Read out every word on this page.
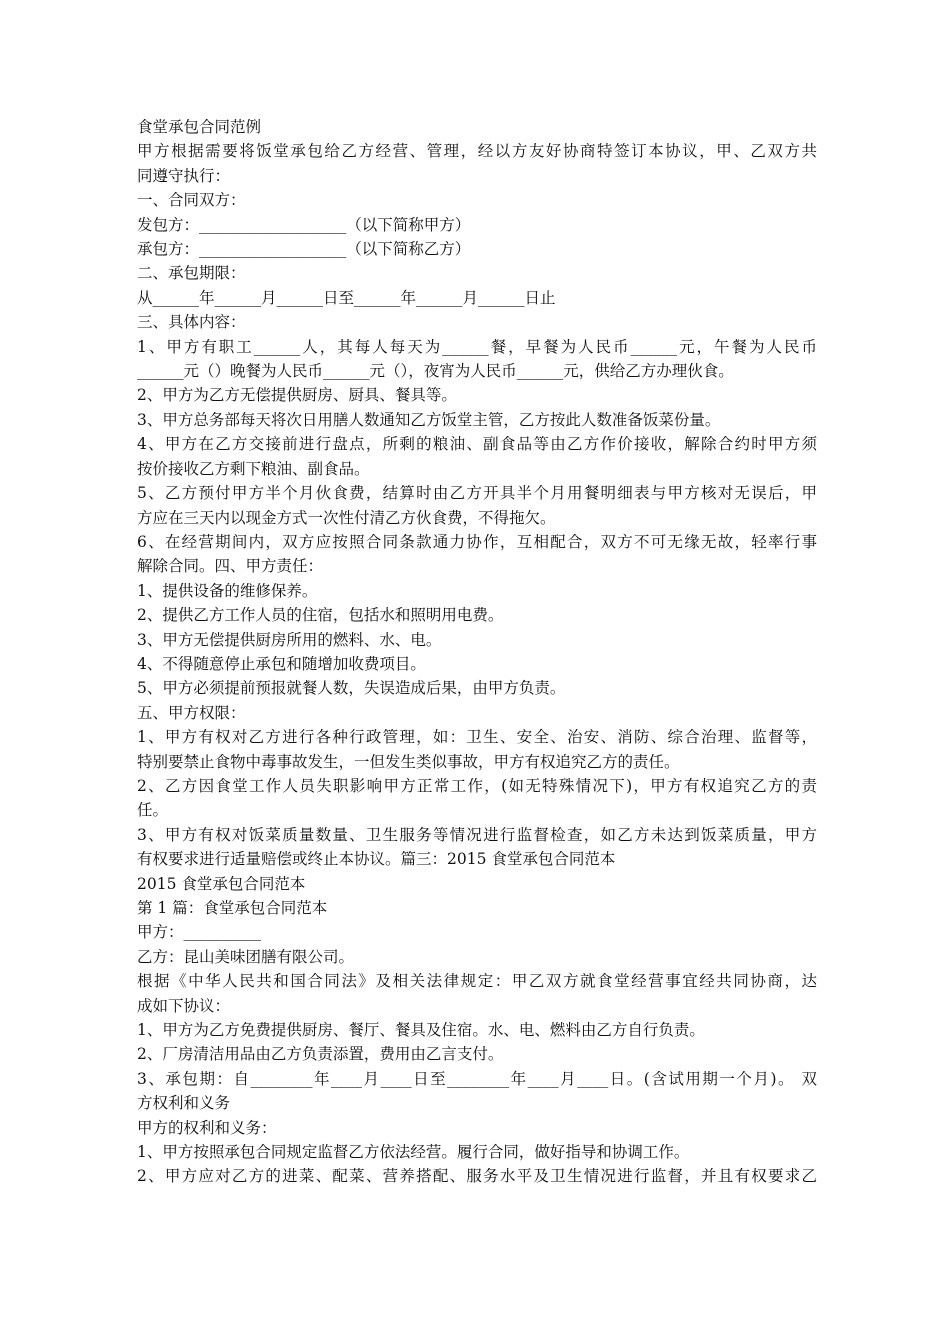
食堂承包合同范例
甲方根据需要将饭堂承包给乙方经营、管理，经以方友好协商特签订本协议，甲、乙双方共
同遵守执行：
一、合同双方：
发包方：___________________（以下简称甲方）
承包方：___________________（以下简称乙方）
二、承包期限：
从______年______月______日至______年______月______日止
三、具体内容：
1、甲方有职工______人，其每人每天为______餐，早餐为人民币______元，午餐为人民币
______元（）晚餐为人民币______元（），夜宵为人民币______元，供给乙方办理伙食。
2、甲方为乙方无偿提供厨房、厨具、餐具等。
3、甲方总务部每天将次日用膳人数通知乙方饭堂主管，乙方按此人数准备饭菜份量。
4、甲方在乙方交接前进行盘点，所剩的粮油、副食品等由乙方作价接收，解除合约时甲方须
按价接收乙方剩下粮油、副食品。
5、乙方预付甲方半个月伙食费，结算时由乙方开具半个月用餐明细表与甲方核对无误后，甲
方应在三天内以现金方式一次性付清乙方伙食费，不得拖欠。
6、在经营期间内，双方应按照合同条款通力协作，互相配合，双方不可无缘无故，轻率行事
解除合同。四、甲方责任：
1、提供设备的维修保养。
2、提供乙方工作人员的住宿，包括水和照明用电费。
3、甲方无偿提供厨房所用的燃料、水、电。
4、不得随意停止承包和随增加收费项目。
5、甲方必须提前预报就餐人数，失误造成后果，由甲方负责。
五、甲方权限：
1、甲方有权对乙方进行各种行政管理，如：卫生、安全、治安、消防、综合治理、监督等，
特别要禁止食物中毒事故发生，一但发生类似事故，甲方有权追究乙方的责任。
2、乙方因食堂工作人员失职影响甲方正常工作，(如无特殊情况下)，甲方有权追究乙方的责
任。
3、甲方有权对饭菜质量数量、卫生服务等情况进行监督检查，如乙方未达到饭菜质量，甲方
有权要求进行适量赔偿或终止本协议。篇三：2015 食堂承包合同范本
2015 食堂承包合同范本
第 1 篇：食堂承包合同范本
甲方：__________
乙方：昆山美味团膳有限公司。
根据《中华人民共和国合同法》及相关法律规定：甲乙双方就食堂经营事宜经共同协商，达
成如下协议：
1、甲方为乙方免费提供厨房、餐厅、餐具及住宿。水、电、燃料由乙方自行负责。
2、厂房清洁用品由乙方负责添置，费用由乙言支付。
3、承包期：自________年____月____日至________年____月____日。(含试用期一个月)。 双
方权利和义务
甲方的权利和义务：
1、甲方按照承包合同规定监督乙方依法经营。履行合同，做好指导和协调工作。
2、甲方应对乙方的进菜、配菜、营养搭配、服务水平及卫生情况进行监督，并且有权要求乙
